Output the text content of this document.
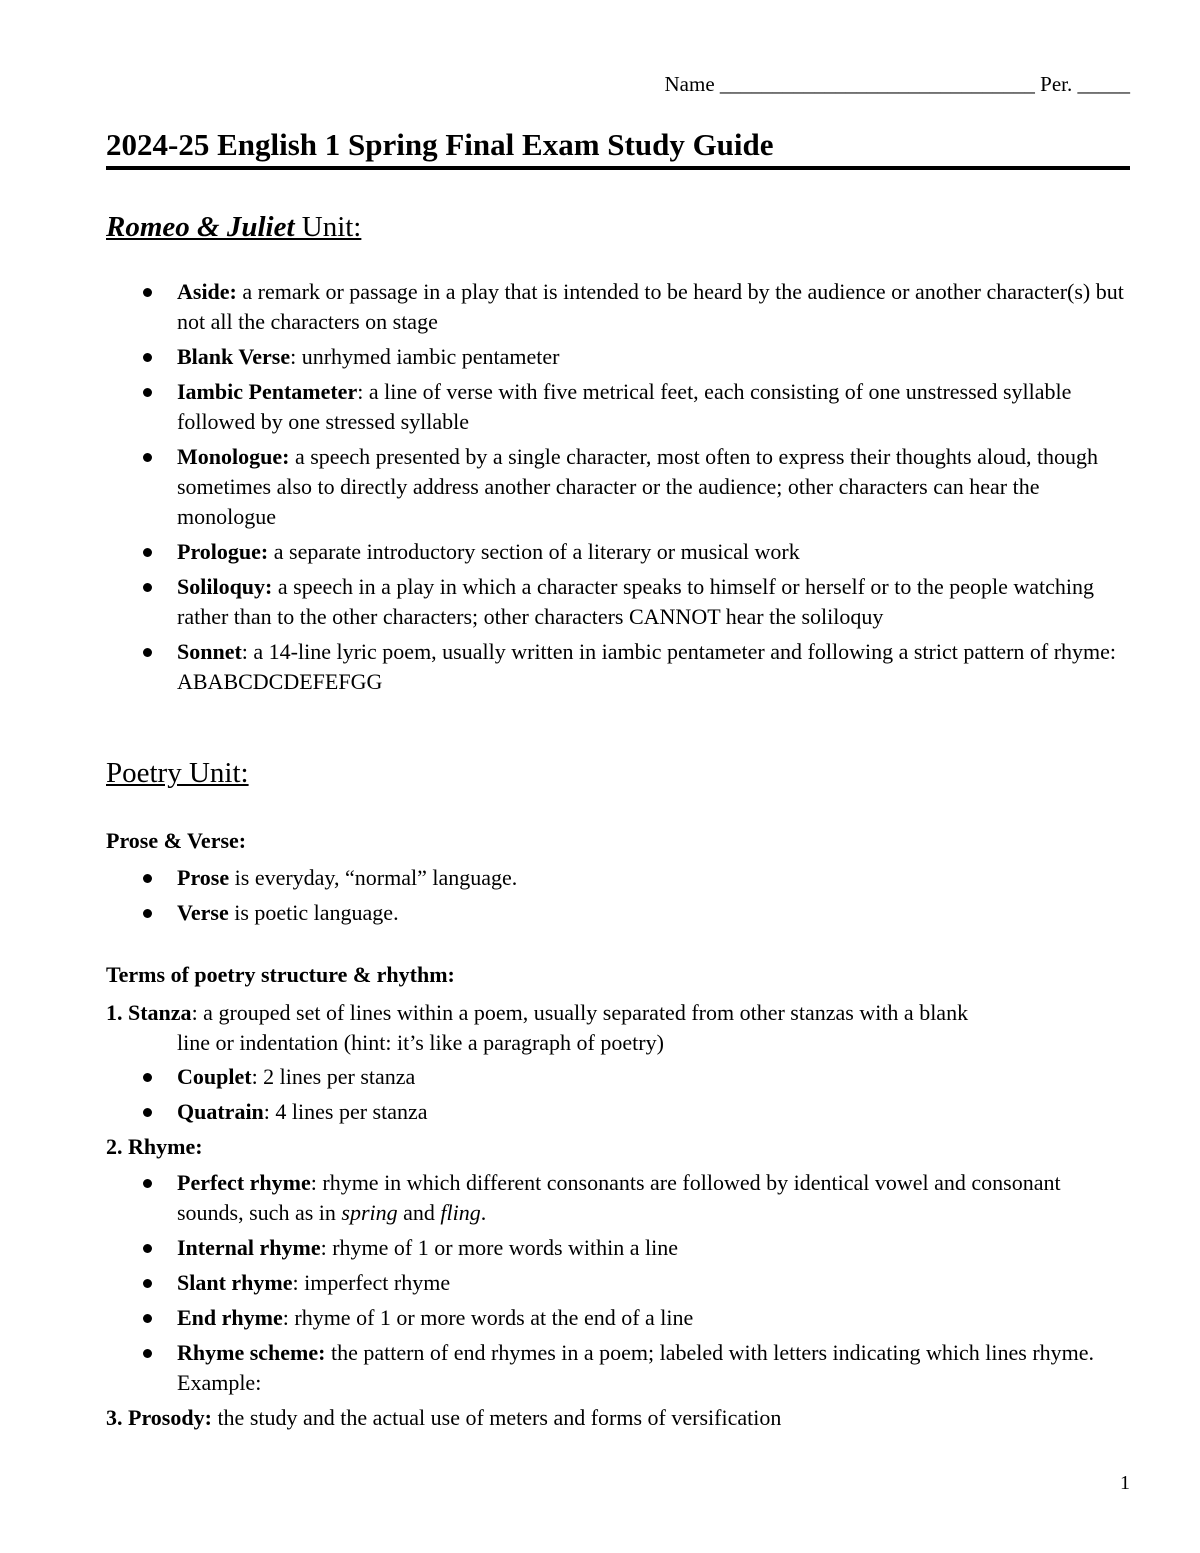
Name ______________________________ Per. _____
2024-25 English 1 Spring Final Exam Study Guide
Romeo & Juliet Unit:
Aside: a remark or passage in a play that is intended to be heard by the audience or another character(s) but not all the characters on stage
Blank Verse: unrhymed iambic pentameter
Iambic Pentameter: a line of verse with five metrical feet, each consisting of one unstressed syllable followed by one stressed syllable
Monologue: a speech presented by a single character, most often to express their thoughts aloud, though sometimes also to directly address another character or the audience; other characters can hear the monologue
Prologue: a separate introductory section of a literary or musical work
Soliloquy: a speech in a play in which a character speaks to himself or herself or to the people watching rather than to the other characters; other characters CANNOT hear the soliloquy
Sonnet: a 14-line lyric poem, usually written in iambic pentameter and following a strict pattern of rhyme: ABABCDCDEFEFGG
Poetry Unit:
Prose & Verse:
Prose is everyday, “normal” language.
Verse is poetic language.
Terms of poetry structure & rhythm:
1. Stanza: a grouped set of lines within a poem, usually separated from other stanzas with a blank
line or indentation (hint: it’s like a paragraph of poetry)
Couplet: 2 lines per stanza
Quatrain: 4 lines per stanza
2. Rhyme:
Perfect rhyme: rhyme in which different consonants are followed by identical vowel and consonant sounds, such as in spring and fling.
Internal rhyme: rhyme of 1 or more words within a line
Slant rhyme: imperfect rhyme
End rhyme: rhyme of 1 or more words at the end of a line
Rhyme scheme: the pattern of end rhymes in a poem; labeled with letters indicating which lines rhyme. Example:
3. Prosody: the study and the actual use of meters and forms of versification
1
